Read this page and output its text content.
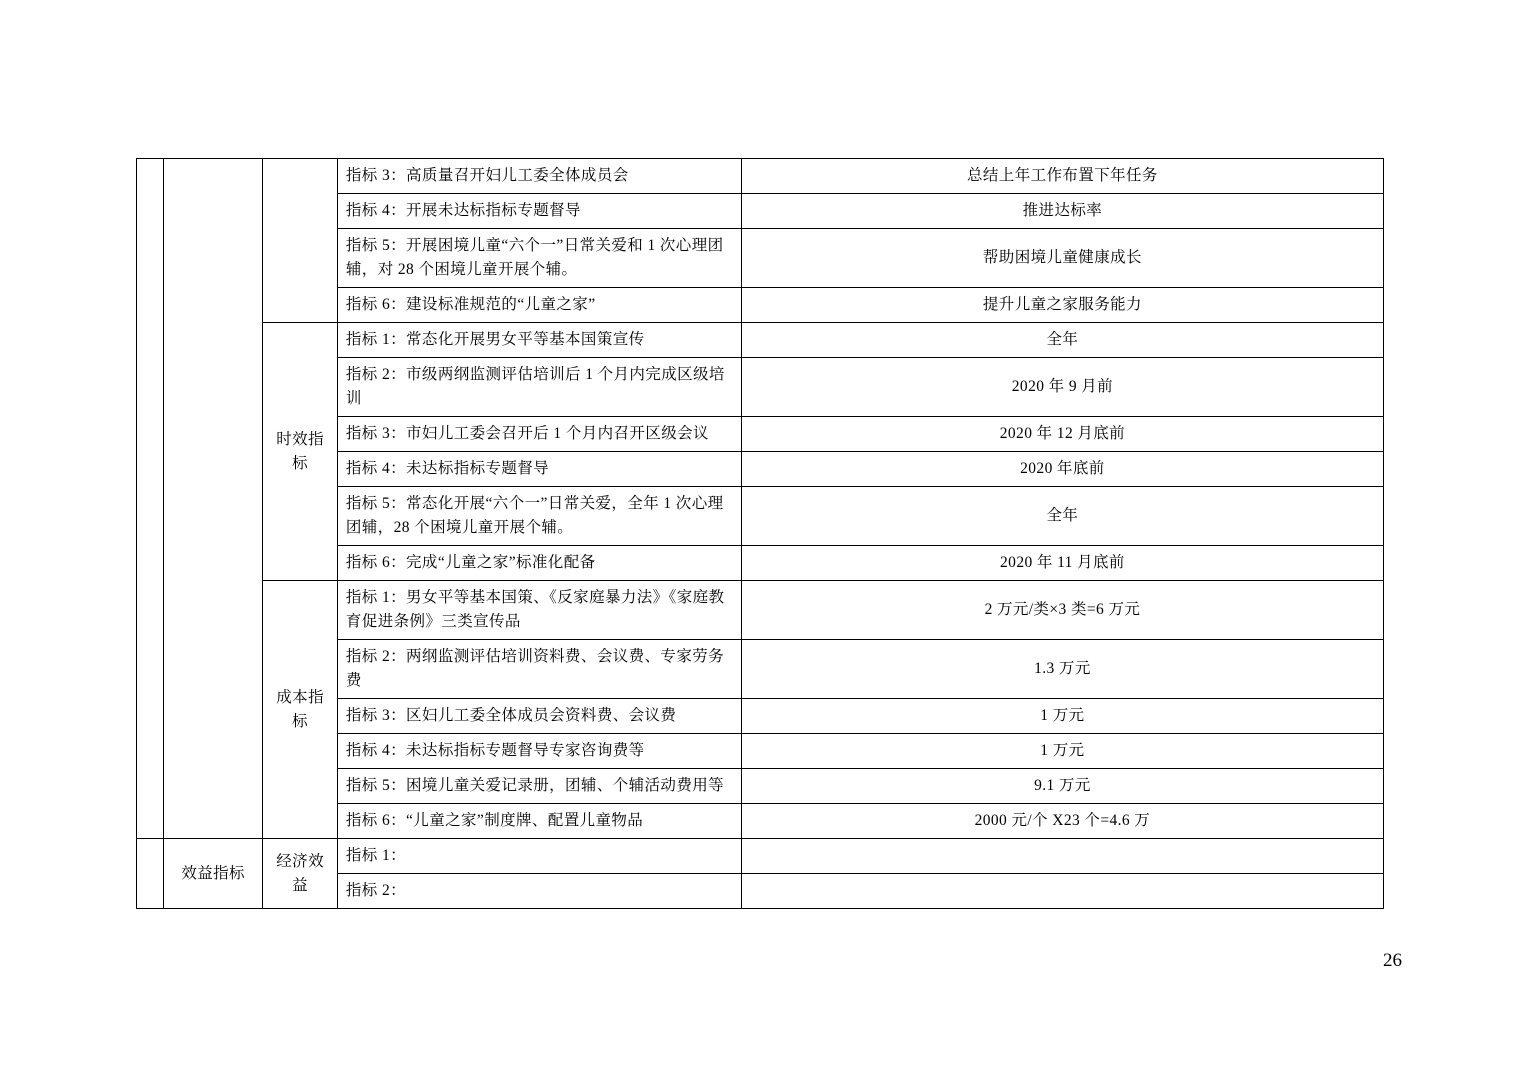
			指标 3：高质量召开妇儿工委全体成员会	总结上年工作布置下年任务
			指标 4：开展未达标指标专题督导	推进达标率
			指标 5：开展困境儿童“六个一”日常关爱和 1 次心理团辅，对 28 个困境儿童开展个辅。	帮助困境儿童健康成长
			指标 6：建设标准规范的“儿童之家”	提升儿童之家服务能力
		时效指标	指标 1：常态化开展男女平等基本国策宣传	全年
			指标 2：市级两纲监测评估培训后 1 个月内完成区级培训	2020 年 9 月前
			指标 3：市妇儿工委会召开后 1 个月内召开区级会议	2020 年 12 月底前
			指标 4：未达标指标专题督导	2020 年底前
			指标 5：常态化开展“六个一”日常关爱，全年 1 次心理团辅，28 个困境儿童开展个辅。	全年
			指标 6：完成“儿童之家”标准化配备	2020 年 11 月底前
		成本指标	指标 1：男女平等基本国策、《反家庭暴力法》《家庭教育促进条例》三类宣传品	2 万元/类×3 类=6 万元
			指标 2：两纲监测评估培训资料费、会议费、专家劳务费	1.3 万元
			指标 3：区妇儿工委全体成员会资料费、会议费	1 万元
			指标 4：未达标指标专题督导专家咨询费等	1 万元
			指标 5：困境儿童关爱记录册，团辅、个辅活动费用等	9.1 万元
			指标 6：“儿童之家”制度牌、配置儿童物品	2000 元/个 X23 个=4.6 万
	效益指标	经济效益	指标 1：	
			指标 2：	
26
